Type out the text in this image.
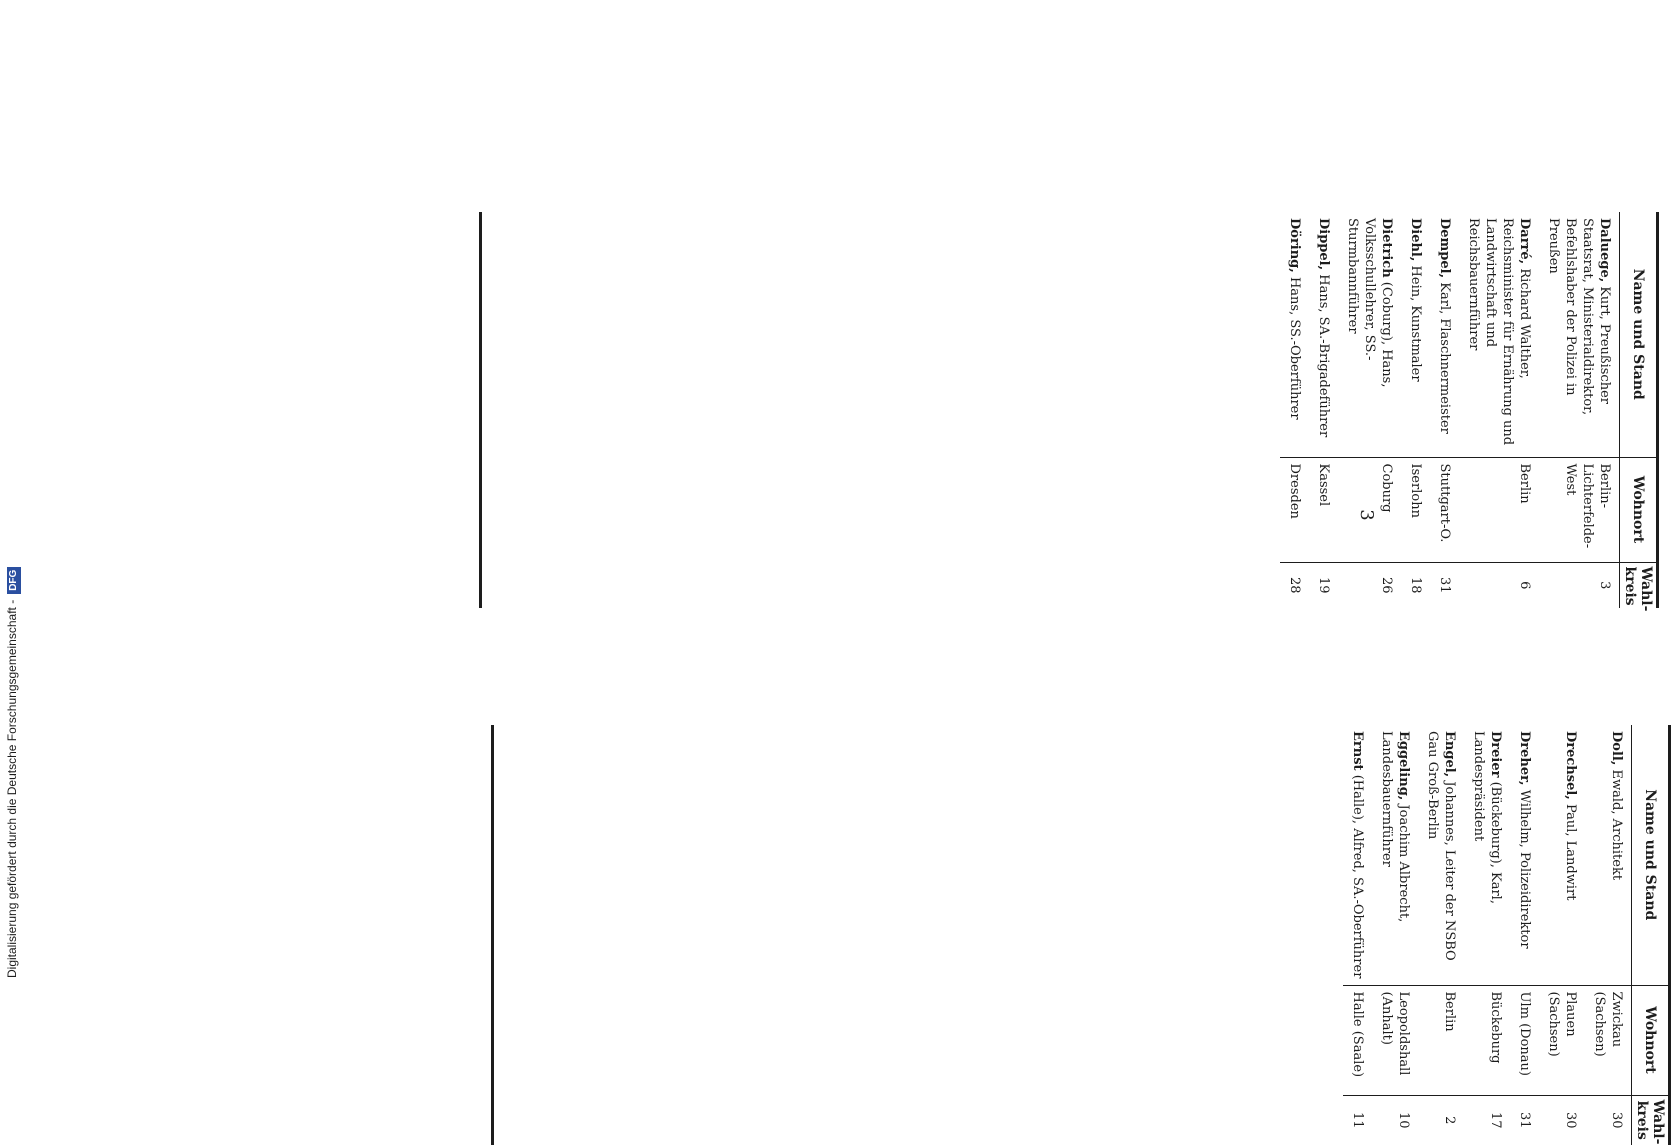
Digitalisierung gefördert durch die Deutsche Forschungsgemeinschaft -DFG
3
Name und Stand	Wohnort	Wahl-kreis
Doll, Ewald, Architekt	Zwickau (Sachsen)	30
Drechsel, Paul, Landwirt	Plauen (Sachsen)	30
Dreher, Wilhelm, Polizeidirektor	Ulm (Donau)	31
Dreier (Bückeburg), Karl, Landespräsident	Bückeburg	17
Engel, Johannes, Leiter der NSBO Gau Groß-Berlin	Berlin	2
Eggeling, Joachim Albrecht, Landesbauernführer	Leopoldshall (Anhalt)	10
Ernst (Halle), Alfred, SA.-Oberführer	Halle (Saale)	11
Name und Stand	Wohnort	Wahl-kreis
Daluege, Kurt, Preußischer Staatsrat, Ministerialdirektor, Befehlshaber der Polizei in Preußen	Berlin-Lichterfelde-West	3
Darré, Richard Walther, Reichsminister für Ernährung und Landwirtschaft und Reichsbauernführer	Berlin	6
Dempel, Karl, Flaschnermeister	Stuttgart-O.	31
Diehl, Hein, Kunstmaler	Iserlohn	18
Dietrich (Coburg), Hans, Volksschullehrer, SS.-Sturmbannführer	Coburg	26
Dippel, Hans, SA.-Brigadeführer	Kassel	19
Döring, Hans, SS.-Oberführer	Dresden	28
